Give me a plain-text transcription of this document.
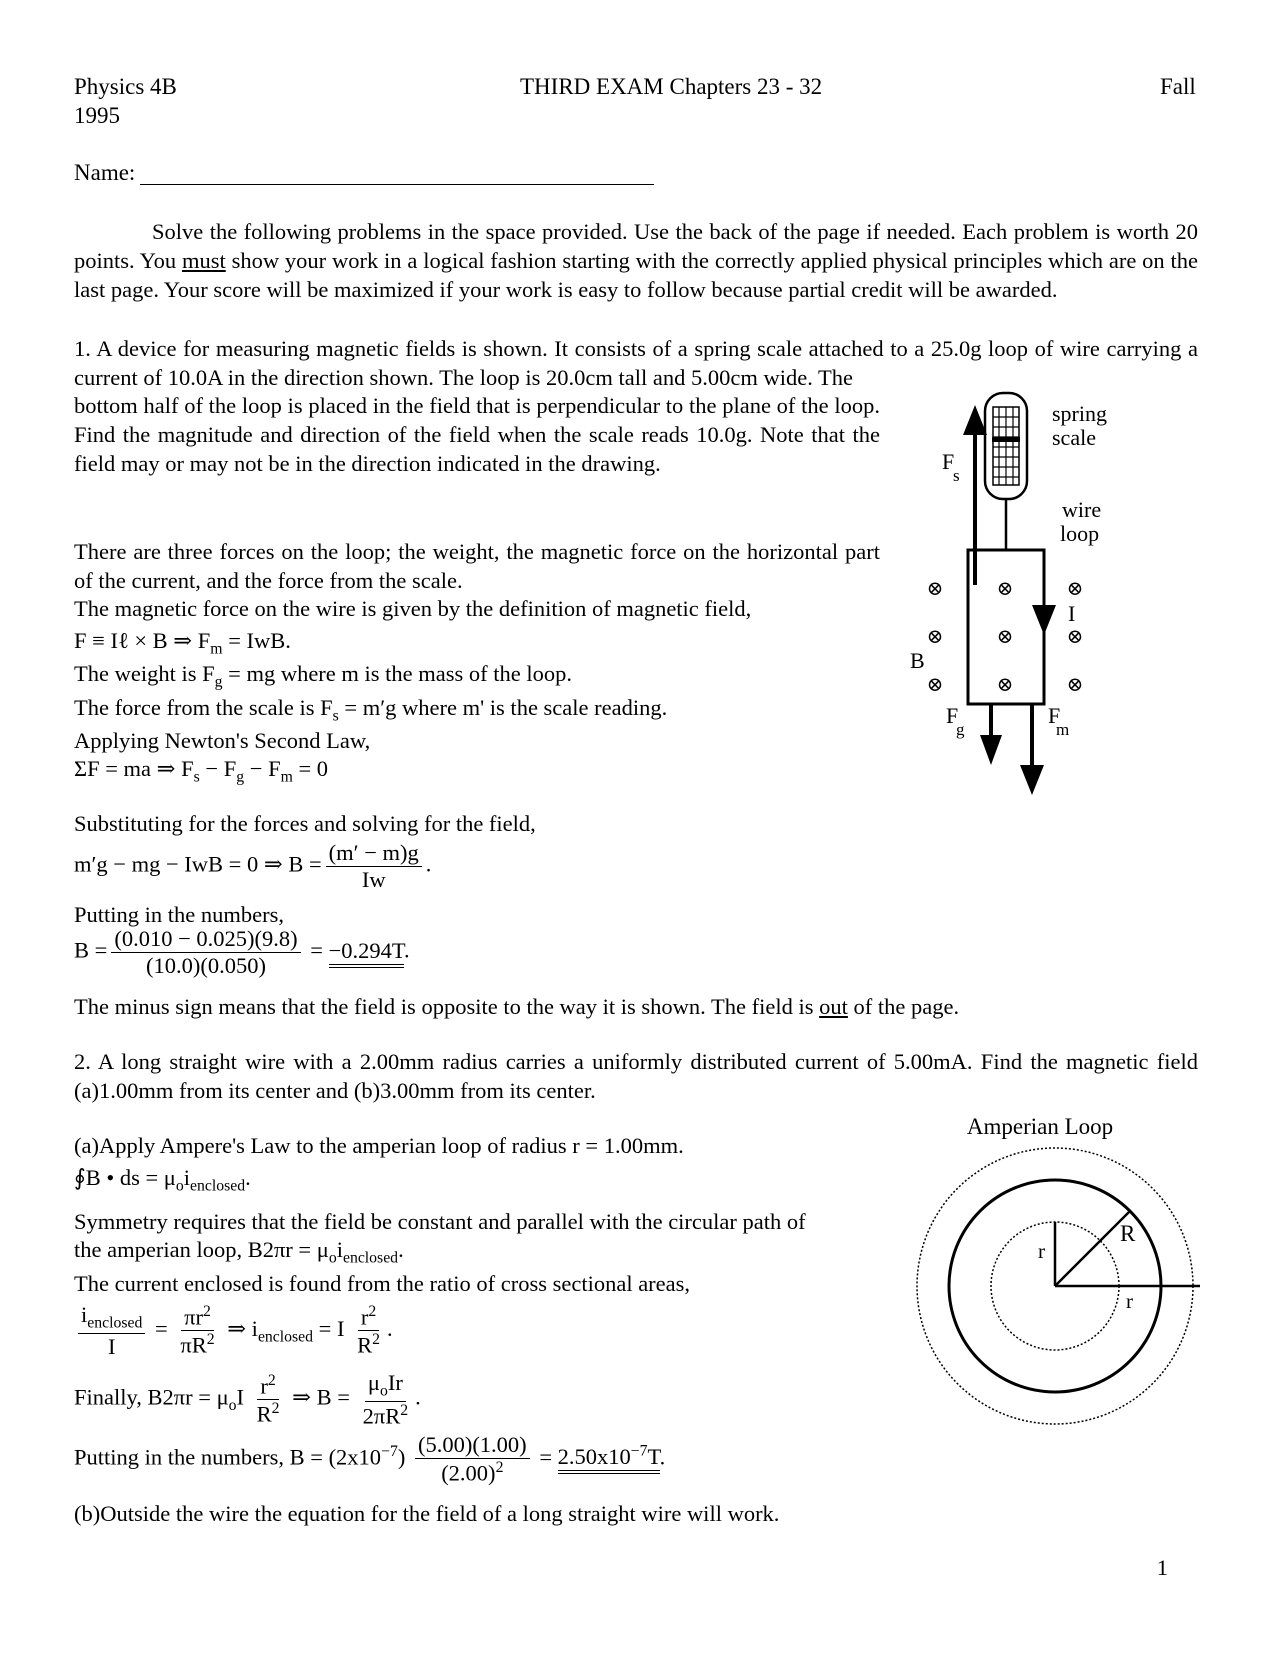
Physics 4B	THIRD EXAM Chapters 23 - 32	Fall
1995
Name:

Solve the following problems in the space provided. Use the back of the page if needed. Each problem is worth 20 points. You must show your work in a logical fashion starting with the correctly applied physical principles which are on the last page. Your score will be maximized if your work is easy to follow because partial credit will be awarded.

1. A device for measuring magnetic fields is shown. It consists of a spring scale attached to a 25.0g loop of wire carrying a current of 10.0A in the direction shown. The loop is 20.0cm tall and 5.00cm wide. The

bottom half of the loop is placed in the field that is perpendicular to the plane of the loop. Find the magnitude and direction of the field when the scale reads 10.0g. Note that the field may or may not be in the direction indicated in the drawing.

There are three forces on the loop; the weight, the magnetic force on the horizontal part of the current, and the force from the scale.

The magnetic force on the wire is given by the definition of magnetic field,
F ≡ Iℓ × B ⇒ $F_m$ = IwB.
The weight is $F_g$ = mg where m is the mass of the loop.
The force from the scale is $F_s = m'g$ where m' is the scale reading.
Applying Newton's Second Law,
ΣF = ma ⇒ $F_s - F_g - F_m = 0$
Substituting for the forces and solving for the field,
m′g − mg − IwB = 0 ⇒ $B = \frac{(m' - m)g}{Iw}$ .
Putting in the numbers,
$B = \frac{(0.010 - 0.025)(9.8)}{(10.0)(0.050)} = -0.294T$.
The minus sign means that the field is opposite to the way it is shown. The field is out of the page.
⊗	⊗	⊗
⊗	⊗	⊗
⊗	⊗	⊗
spring
scale
wire
loop
F
s
I
B
F
g
F
m

2. A long straight wire with a 2.00mm radius carries a uniformly distributed current of 5.00mA. Find the magnetic field (a)1.00mm from its center and (b)3.00mm from its center.

(a)Apply Ampere's Law to the amperian loop of radius r = 1.00mm.
∮B • ds = $\mu_oi_{enclosed}$.
Symmetry requires that the field be constant and parallel with the circular path of
the amperian loop, $B2\pi r = \mu_oi_{enclosed}$.
The current enclosed is found from the ratio of cross sectional areas,
$\frac{i_{enclosed}}{I} = \frac{\pi r^2}{\pi R^2}$ ⇒ $i_{enclosed} = I \frac{r^2}{R^2}$ .
Finally, $B2\pi r = \mu_oI \frac{r^2}{R^2}$ ⇒ $B = \frac{\mu_oIr}{2\pi R^2}$ .
Putting in the numbers, $B = (2x10^{-7}) \frac{(5.00)(1.00)}{(2.00)^2} = 2.50x10^{-7}T$.
(b)Outside the wire the equation for the field of a long straight wire will work.
Amperian Loop
r
R
r
1
